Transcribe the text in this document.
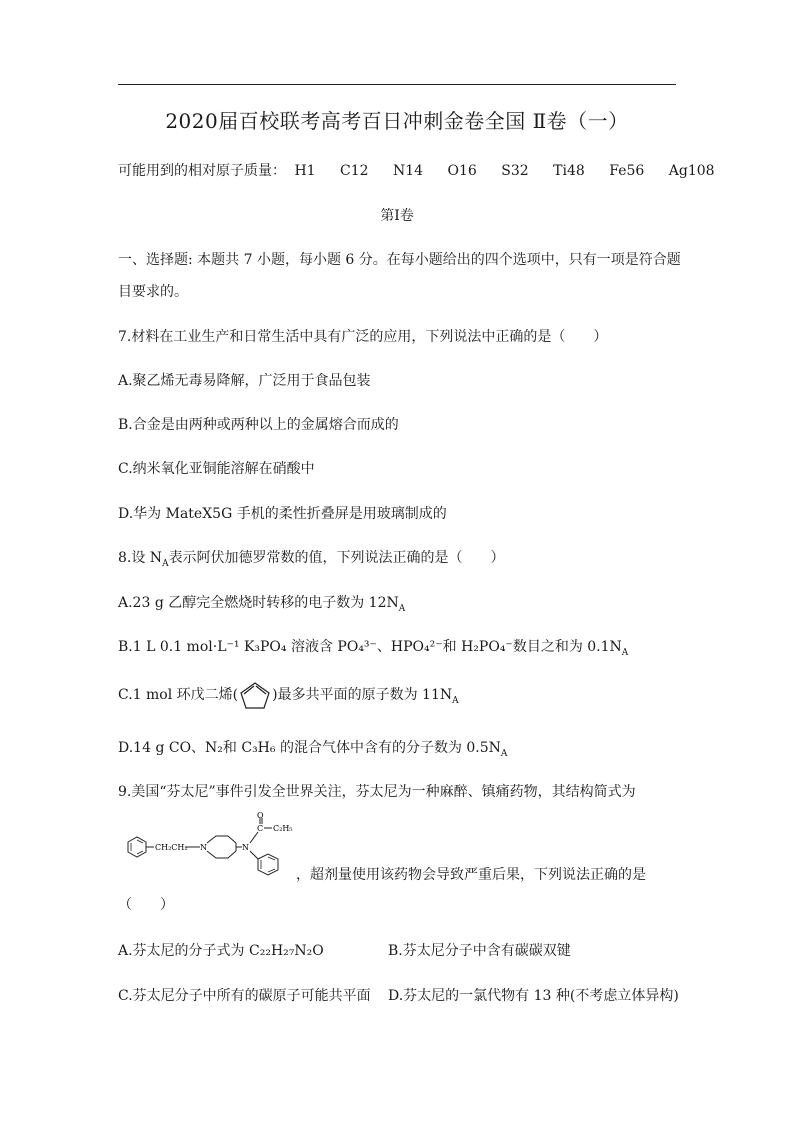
2020届百校联考高考百日冲刺金卷全国 Ⅱ卷（一）
可能用到的相对原子质量： H1 C12 N14 O16 S32 Ti48 Fe56 Ag108
第Ⅰ卷
一、选择题: 本题共 7 小题，每小题 6 分。在每小题给出的四个选项中，只有一项是符合题
目要求的。
7.材料在工业生产和日常生活中具有广泛的应用，下列说法中正确的是（　　）
A.聚乙烯无毒易降解，广泛用于食品包装
B.合金是由两种或两种以上的金属熔合而成的
C.纳米氧化亚铜能溶解在硝酸中
D.华为 MateX5G 手机的柔性折叠屏是用玻璃制成的
8.设 $N_A$表示阿伏加德罗常数的值，下列说法正确的是（　　）
A.23 g 乙醇完全燃烧时转移的电子数为 $12N_A$
B.1 L 0.1 mol·L⁻¹ K₃PO₄ 溶液含 PO₄³⁻、HPO₄²⁻和 H₂PO₄⁻数目之和为 $0.1N_A$
C.1 mol 环戊二烯( )最多共平面的原子数为 $11N_A$
D.14 g CO、N₂和 C₃H₆ 的混合气体中含有的分子数为 $0.5N_A$
9.美国“芬太尼”事件引发全世界关注，芬太尼为一种麻醉、镇痛药物，其结构简式为
CH₂CH₂ N	N
C
O
C₂H₅
，超剂量使用该药物会导致严重后果，下列说法正确的是
（　　）
A.芬太尼的分子式为 C₂₂H₂₇N₂O	B.芬太尼分子中含有碳碳双键
C.芬太尼分子中所有的碳原子可能共平面 D.芬太尼的一氯代物有 13 种(不考虑立体异构)
